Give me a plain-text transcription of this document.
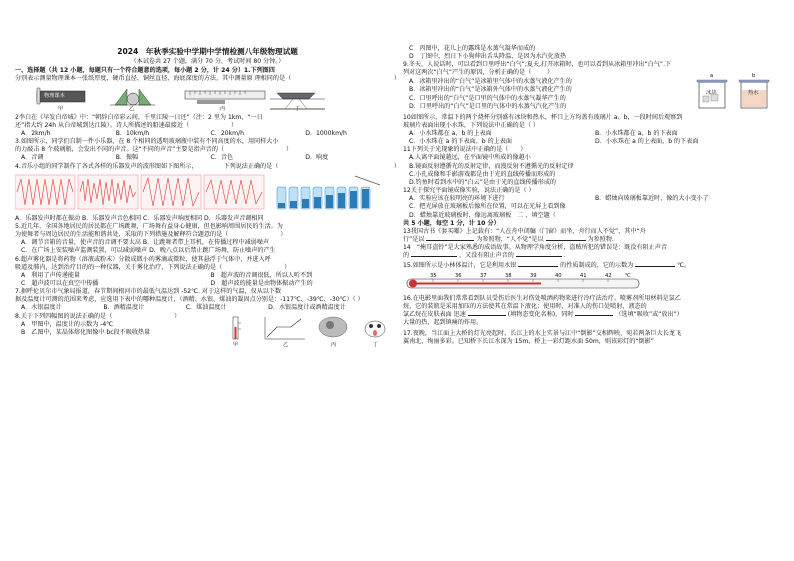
2024　年秋季实验中学期中学情检测八年级物理试题
（本试卷共 27 个题，满分 70 分，考试时间 80 分钟。）
一、选择题（共 12 小题，每题只有一个符合题意的选项，每小题 2 分，计 24 分）1.下列图四
分别表示测量物理课本一张纸厚度、硬币直径、铜丝直径、海底深度的方法，其中测量原 理相同的是（	）
物理课本
甲	乙	丙	丁
2李白在《早发白帝城》中：“朝辞白帝彩云间，千里江陵一日还”（注：2 里为 1km，“一日
还”指大约 24h 从白帝城到达江陵）。诗人所描述的船速最接近（	）
A．2km/h	B．10km/h	C．20km/h	D．1000km/h
3.如图所示，同学们自制一件小乐器，在 8 个相同的透明玻璃瓶中装有不同高度的水，用同样大小
的力敲击 8 个玻璃瓶，会发出不同的声音。这“不同的声音”主要是指声音的（	）
A．音调	B．振幅	C．音色	D．响度
4.音乐小组的同学制作了各式各样的乐器发声的波形图如下图所示，	下列说法正确的是（	）
A．乐器发声时都在振动 B．乐器发声音色相同 C．乐器发声响度相同 D．乐器发声音调相同
5.近几年，全国各地居民的居民都在广场跳舞，广场舞有益身心健康，但也影响周围居民的生活。为
为使舞者与周边居民的生活能和谐共处，采取的下列措施及解释符合题意的是（	）
A．调节音箱的音量，使声音的音调不要太高 B．让跳舞者带上耳机，在传播过程中减弱噪声
C．在广场上安装噪声监测装置，可以减弱噪声 D．晚八点以后禁止跳广场舞，防止噪声的产生
6.超声雾化器是将药物（溶液或粉末）分散成微小的雾滴或微粒，使其悬浮于气体中，并进入呼
吸道及肺内，达到治疗目的的一种仪器，关于雾化治疗，下列说法正确的是（	）
A　利用了声传递能量	B　超声波的音调很低，所以人听不到
C　超声波可以在真空中传播	D　超声波的能量是由物体振动产生的
7.据呼伦贝尔市气象局报道，春节期间根河市的最低气温达到 -52℃. 对于这样的气温，仅从以下数
据及温度计可测的范围来考虑，应选用下表中的哪种温度计，（酒精、水银、煤油的凝固点分别是：-117℃、-39℃、-30℃）（ ）
A．水银温度计	B．酒精温度计	C．煤油温度计	D．水银温度计或酒精温度计
8.关于下列四幅图的说法正确的是（	）
A　甲图中，温度计的示数为 -4℃
B　乙图中，某晶体熔化图像中 bc段不吸收热量
甲	乙	丙	丁
C　丙图中，花儿上的露珠是水蒸气凝华而成的
D　丁图中，烈日下小狗伸出舌头降温，是因为水汽化放热
9.冬天，人说话时，可以看到口里呼出“白气”;夏天,打开冰箱时，也可以看到从冰箱里冲出“白气”.下
列对这两次“白气”产生的原因，分析正确的是（	）
A．冰箱里冲出的“白气”是冰箱里气体中的水蒸气液化产生的
B．冰箱里冲出的“白气”是冰箱外气体中的水蒸气液化产生的
C．口里呼出的“白气”是口里的气体中的水蒸气凝华产生的
D．口里呼出的“白气”是口里的气体中的水蒸气汽化产生的
a	b
冰块	热水
10如图所示，常温下的两个烧杯分别盛有冰块和热水，杯口上方均盖有玻璃片 a、b，一段时间后观察到
玻璃片表面出现小水珠，下列说法中正确的是（ ）
A．小水珠都在 a、b 的上表面	B．小水珠都在 a、b 的下表面
C．小水珠在 a 的下表面，b 的上表面	D．小水珠在 a 的上表面，b 的下表面
11下列关于光现象的说法中正确的是（ ）
A.人离平面镜越远，在平面镜中所成的像越小
B.镜面反射遵循光的反射定律，而漫反射不遵循光的反射定律
C.小孔成像和手影游戏都是由于光的直线传播而形成的
D.钓鱼时看到水中的“白云”是由于光的直线传播形成的
12关于探究平面镜成像实验，说法正确的是（ ）
A．实验应该在较明亮的环境下进行	B．蜡烛向玻璃板靠近时，像的大小变小了
C．把光屏放在玻璃板后像所在位置，可以在光屏上看到像
D．蜡烛靠近玻璃板时，像远离玻璃板　二 、填空题（
共 5 小题，每空 1 分，计 10 分）
13我国古书《套买曜》上记载有：“人在舟中闭牖（门窗）而坐，舟行而人不觉”，其中“舟
行”是以	为参照物，“人不觉”是以	为参照物.
14　“掩耳盗铃”是大家熟悉的成语故事。从物理学角度分析，盗贼所犯的错误是：既没有阻止声音
的	，又没有阻止声音的	.
15.如图所示是小林体温计，它是利用水银	的性质制成的，它的示数为	℃。
35	36	37	38	39	40	41	42	℃
16.在电影里面我们常常看到队员受伤后医生对伤处喷洒药物来进行冷疗法治疗。喷雾剂所用材料是氯乙
烷，它的装瓶是采用加压的方法使其在常温下液化；使用时，对准人的伤口处喷射，液态的
氯乙烷在皮肤表面 迅速	(填物态变化名称)，同时	（选填“吸收”或“放出”）
大量的热，起到镇痛的作用。
17.夜晚，当江面上大桥的灯光亮起时，长江上的水上实景与江中“倒影”交相辉映，宛若两条巨大长龙飞
翼南北，绚丽多彩。已知桥下长江水深为 15m，桥上一彩灯距水面 50m，则该彩灯的“倒影”
